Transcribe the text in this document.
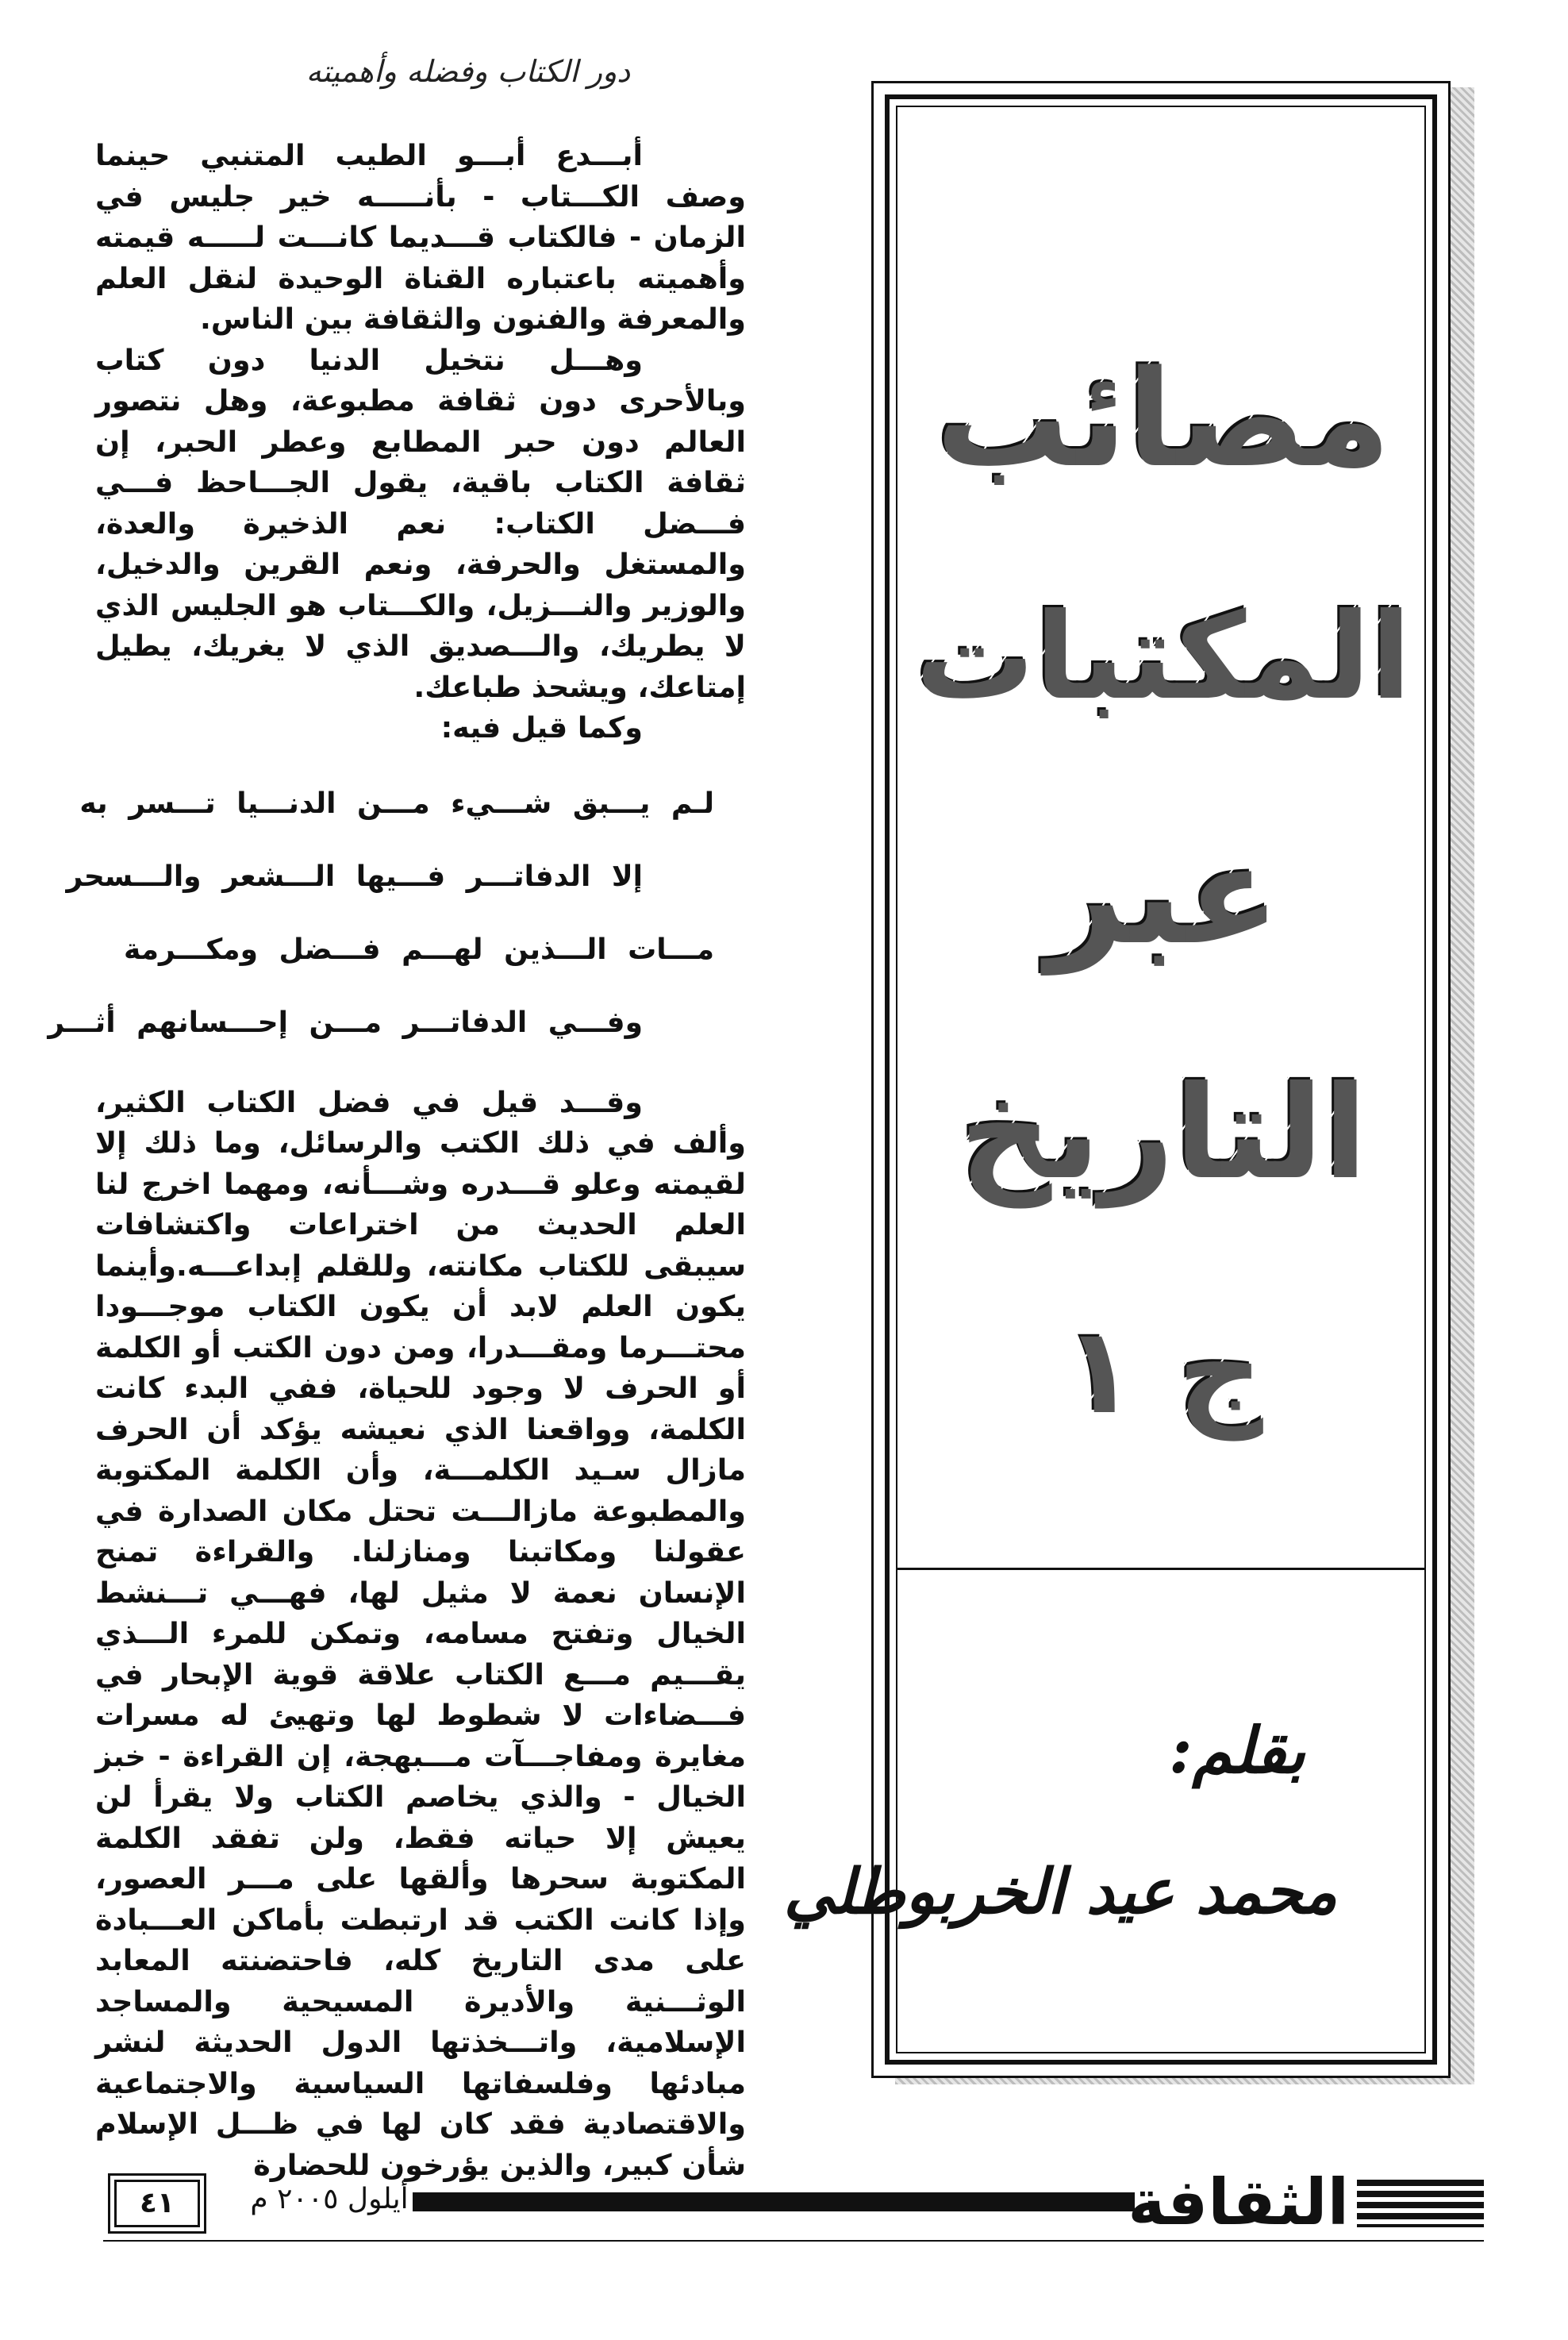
دور الكتاب وفضله وأهميته

أبـــدع أبـــو الطيب المتنبي حينما وصف الكـــتاب - بأنـــــه خير جليس في الزمان - فالكتاب قـــديما كانـــت لـــــه قيمته وأهميته باعتباره القناة الوحيدة لنقل العلم والمعرفة والفنون والثقافة بين الناس.

وهـــل نتخيل الدنيا دون كتاب وبالأحرى دون ثقافة مطبوعة، وهل نتصور العالم دون حبر المطابع وعطر الحبر، إن ثقافة الكتاب باقية، يقول الجـــاحظ فـــي فـــضل الكتاب: نعم الذخيرة والعدة، والمستغل والحرفة، ونعم القرين والدخيل، والوزير والنـــزيل، والكـــتاب هو الجليس الذي لا يطريك، والـــصديق الذي لا يغريك، يطيل إمتاعك، ويشحذ طباعك.

وكما قيل فيه:

لـم يـــبق شـــيء مـــن الدنـــيا تـــسر به
إلا الدفاتـــر فـــيها الـــشعر والـــسحر
مـــات الـــذين لهـــم فـــضل ومكـــرمة
وفـــي الدفاتـــر مـــن إحـــسانهم أثـــر

وقـــد قيل في فضل الكتاب الكثير، وألف في ذلك الكتب والرسائل، وما ذلك إلا لقيمته وعلو قـــدره وشـــأنه، ومهما اخرج لنا العلم الحديث من اختراعات واكتشافات سيبقى للكتاب مكانته، وللقلم إبداعـــه.وأينما يكون العلم لابد أن يكون الكتاب موجـــودا محتـــرما ومقـــدرا، ومن دون الكتب أو الكلمة أو الحرف لا وجود للحياة، ففي البدء كانت الكلمة، وواقعنا الذي نعيشه يؤكد أن الحرف مازال سـيد الكلمـــة، وأن الكلمة المكتوبة والمطبوعة مازالـــت تحتل مكان الصدارة في عقولنا ومكاتبنا ومنازلنا. والقراءة تمنح الإنسان نعمة لا مثيل لها، فهـــي تـــنشط الخيال وتفتح مسامه، وتمكن للمرء الـــذي يقـــيم مـــع الكتاب علاقة قوية الإبحار في فـــضاءات لا شطوط لها وتهيئ له مسرات مغايرة ومفاجـــآت مـــبهجة، إن القراءة - خبز الخيال - والذي يخاصم الكتاب ولا يقرأ لن يعيش إلا حياته فقط، ولن تفقد الكلمة المكتوبة سحرها وألقها على مـــر العصور، وإذا كانت الكتب قد ارتبطت بأماكن العـــبادة على مدى التاريخ كله، فاحتضنته المعابد الوثـــنية والأديرة المسيحية والمساجد الإسلامية، واتـــخذتها الدول الحديثة لنشر مبادئها وفلسفاتها السياسية والاجتماعية والاقتصادية فقد كان لها في ظـــل الإسلام شأن كبير، والذين يؤرخون للحضارة

مصائب
المكتبات
عبر
التاريخ
ج ١
بقلم:
محمد عيد الخربوطلي
٤١	أيلول ٢٠٠٥ م	الثقافة
